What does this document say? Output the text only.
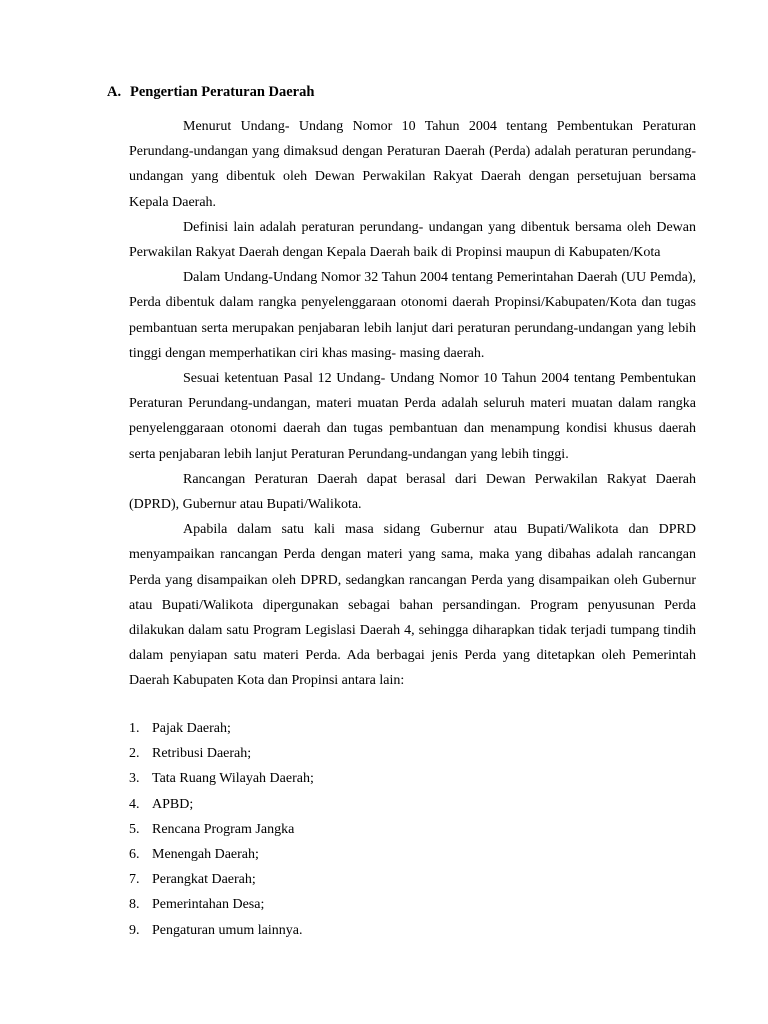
A. Pengertian Peraturan Daerah

Menurut Undang- Undang Nomor 10 Tahun 2004 tentang Pembentukan Peraturan Perundang-undangan yang dimaksud dengan Peraturan Daerah (Perda) adalah peraturan perundang-undangan yang dibentuk oleh Dewan Perwakilan Rakyat Daerah dengan persetujuan bersama Kepala Daerah.

Definisi lain adalah peraturan perundang- undangan yang dibentuk bersama oleh Dewan Perwakilan Rakyat Daerah dengan Kepala Daerah baik di Propinsi maupun di Kabupaten/Kota

Dalam Undang-Undang Nomor 32 Tahun 2004 tentang Pemerintahan Daerah (UU Pemda), Perda dibentuk dalam rangka penyelenggaraan otonomi daerah Propinsi/Kabupaten/Kota dan tugas pembantuan serta merupakan penjabaran lebih lanjut dari peraturan perundang-undangan yang lebih tinggi dengan memperhatikan ciri khas masing- masing daerah.

Sesuai ketentuan Pasal 12 Undang- Undang Nomor 10 Tahun 2004 tentang Pembentukan Peraturan Perundang-undangan, materi muatan Perda adalah seluruh materi muatan dalam rangka penyelenggaraan otonomi daerah dan tugas pembantuan dan menampung kondisi khusus daerah serta penjabaran lebih lanjut Peraturan Perundang-undangan yang lebih tinggi.

Rancangan Peraturan Daerah dapat berasal dari Dewan Perwakilan Rakyat Daerah (DPRD), Gubernur atau Bupati/Walikota.

Apabila dalam satu kali masa sidang Gubernur atau Bupati/Walikota dan DPRD menyampaikan rancangan Perda dengan materi yang sama, maka yang dibahas adalah rancangan Perda yang disampaikan oleh DPRD, sedangkan rancangan Perda yang disampaikan oleh Gubernur atau Bupati/Walikota dipergunakan sebagai bahan persandingan. Program penyusunan Perda dilakukan dalam satu Program Legislasi Daerah 4, sehingga diharapkan tidak terjadi tumpang tindih dalam penyiapan satu materi Perda. Ada berbagai jenis Perda yang ditetapkan oleh Pemerintah Daerah Kabupaten Kota dan Propinsi antara lain:

1. Pajak Daerah;
2. Retribusi Daerah;
3. Tata Ruang Wilayah Daerah;
4. APBD;
5. Rencana Program Jangka
6. Menengah Daerah;
7. Perangkat Daerah;
8. Pemerintahan Desa;
9. Pengaturan umum lainnya.
